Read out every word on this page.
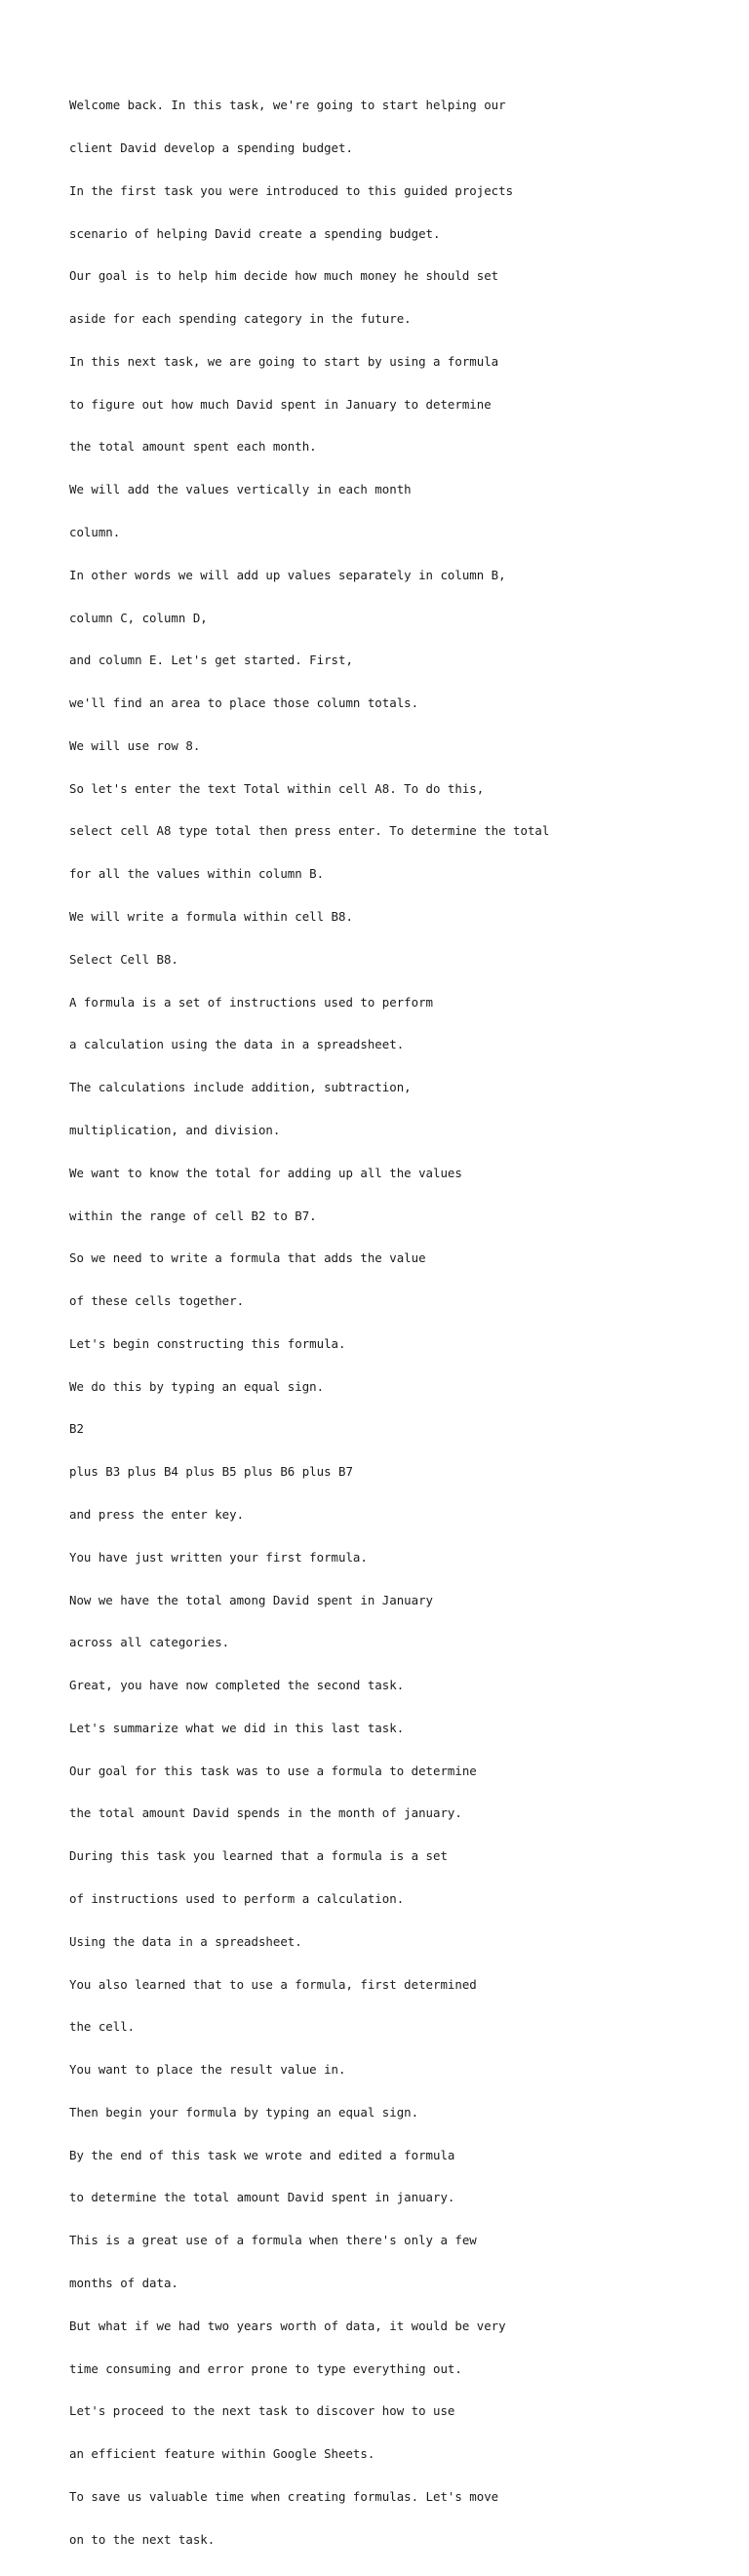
Welcome back. In this task, we're going to start helping our

client David develop a spending budget.

In the first task you were introduced to this guided projects

scenario of helping David create a spending budget.

Our goal is to help him decide how much money he should set

aside for each spending category in the future.

In this next task, we are going to start by using a formula

to figure out how much David spent in January to determine

the total amount spent each month.

We will add the values vertically in each month

column.

In other words we will add up values separately in column B,

column C, column D,

and column E. Let's get started. First,

we'll find an area to place those column totals.

We will use row 8.

So let's enter the text Total within cell A8. To do this,

select cell A8 type total then press enter. To determine the total

for all the values within column B.

We will write a formula within cell B8.

Select Cell B8.

A formula is a set of instructions used to perform

a calculation using the data in a spreadsheet.

The calculations include addition, subtraction,

multiplication, and division.

We want to know the total for adding up all the values

within the range of cell B2 to B7.

So we need to write a formula that adds the value

of these cells together.

Let's begin constructing this formula.

We do this by typing an equal sign.

B2

plus B3 plus B4 plus B5 plus B6 plus B7

and press the enter key.

You have just written your first formula.

Now we have the total among David spent in January

across all categories.

Great, you have now completed the second task.

Let's summarize what we did in this last task.

Our goal for this task was to use a formula to determine

the total amount David spends in the month of january.

During this task you learned that a formula is a set

of instructions used to perform a calculation.

Using the data in a spreadsheet.

You also learned that to use a formula, first determined

the cell.

You want to place the result value in.

Then begin your formula by typing an equal sign.

By the end of this task we wrote and edited a formula

to determine the total amount David spent in january.

This is a great use of a formula when there's only a few

months of data.

But what if we had two years worth of data, it would be very

time consuming and error prone to type everything out.

Let's proceed to the next task to discover how to use

an efficient feature within Google Sheets.

To save us valuable time when creating formulas. Let's move

on to the next task.
